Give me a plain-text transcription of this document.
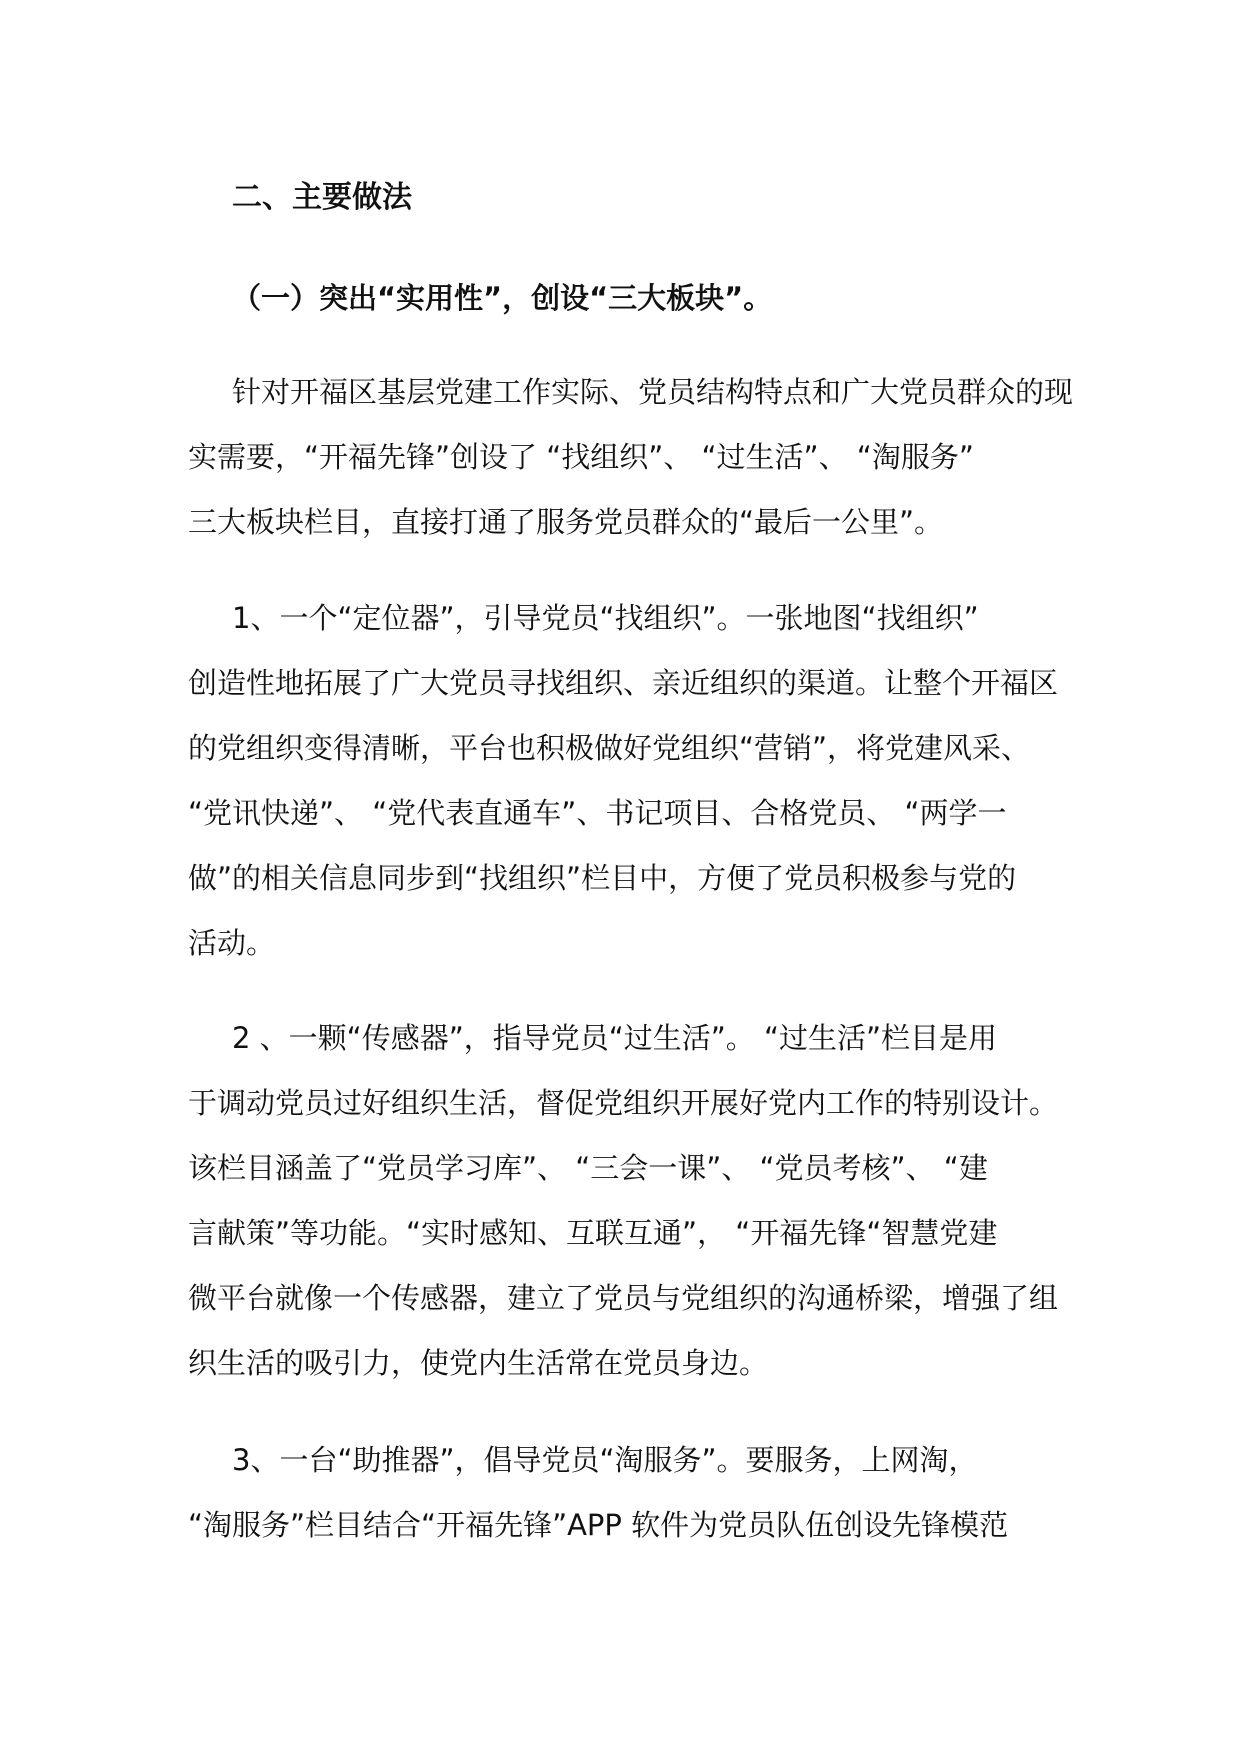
二、主要做法
（一）突出“实用性”，创设“三大板块”。
针对开福区基层党建工作实际、党员结构特点和广大党员群众的现
实需要，“开福先锋”创设了 “找组织”、 “过生活”、 “淘服务”
三大板块栏目，直接打通了服务党员群众的“最后一公里”。
1、一个“定位器”，引导党员“找组织”。一张地图“找组织”
创造性地拓展了广大党员寻找组织、亲近组织的渠道。让整个开福区
的党组织变得清晰，平台也积极做好党组织“营销”，将党建风采、
“党讯快递”、 “党代表直通车”、书记项目、合格党员、 “两学一
做”的相关信息同步到“找组织”栏目中，方便了党员积极参与党的
活动。
2 、一颗“传感器”，指导党员“过生活”。 “过生活”栏目是用
于调动党员过好组织生活，督促党组织开展好党内工作的特别设计。
该栏目涵盖了“党员学习库”、 “三会一课”、 “党员考核”、 “建
言献策”等功能。“实时感知、互联互通”， “开福先锋“智慧党建
微平台就像一个传感器，建立了党员与党组织的沟通桥梁，增强了组
织生活的吸引力，使党内生活常在党员身边。
3、一台“助推器”，倡导党员“淘服务”。要服务，上网淘，
“淘服务”栏目结合“开福先锋”APP 软件为党员队伍创设先锋模范
